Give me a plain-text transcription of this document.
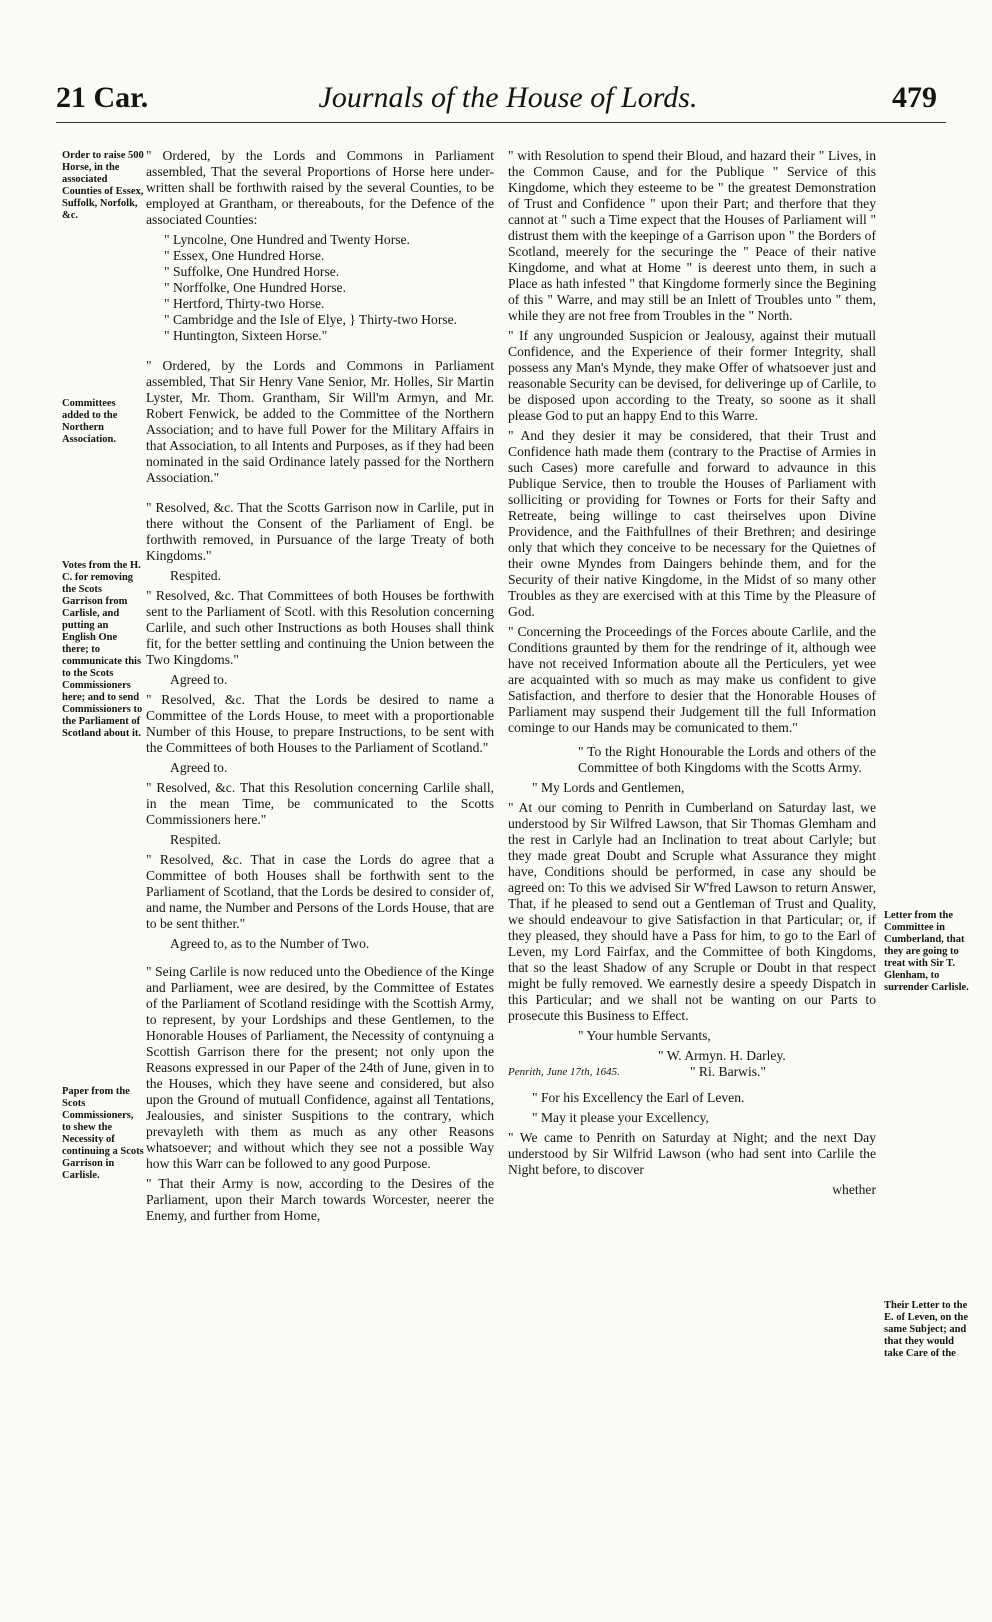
21 Car.	Journals of the House of Lords.	479
Order to raise 500 Horse, in the associated Counties of Essex, Suffolk, Norfolk, &c.
Committees added to the Northern Association.
Votes from the H. C. for removing the Scots Garrison from Carlisle, and putting an English One there; to communicate this to the Scots Commissioners here; and to send Commissioners to the Parliament of Scotland about it.
Paper from the Scots Commissioners, to shew the Necessity of continuing a Scots Garrison in Carlisle.
Letter from the Committee in Cumberland, that they are going to treat with Sir T. Glenham, to surrender Carlisle.
Their Letter to the E. of Leven, on the same Subject; and that they would take Care of the

" Ordered, by the Lords and Commons in Parliament assembled, That the several Proportions of Horse here under-written shall be forthwith raised by the several Counties, to be employed at Grantham, or thereabouts, for the Defence of the associated Counties:

" Lyncolne, One Hundred and Twenty Horse.

" Essex, One Hundred Horse.

" Suffolke, One Hundred Horse.

" Norffolke, One Hundred Horse.

" Hertford, Thirty-two Horse.

" Cambridge and the Isle of Elye, } Thirty-two Horse.

" Huntington, Sixteen Horse."

" Ordered, by the Lords and Commons in Parliament assembled, That Sir Henry Vane Senior, Mr. Holles, Sir Martin Lyster, Mr. Thom. Grantham, Sir Will'm Armyn, and Mr. Robert Fenwick, be added to the Committee of the Northern Association; and to have full Power for the Military Affairs in that Association, to all Intents and Purposes, as if they had been nominated in the said Ordinance lately passed for the Northern Association."

" Resolved, &c. That the Scotts Garrison now in Carlile, put in there without the Consent of the Parliament of Engl. be forthwith removed, in Pursuance of the large Treaty of both Kingdoms."

Respited.

" Resolved, &c. That Committees of both Houses be forthwith sent to the Parliament of Scotl. with this Resolution concerning Carlile, and such other Instructions as both Houses shall think fit, for the better settling and continuing the Union between the Two Kingdoms."

Agreed to.

" Resolved, &c. That the Lords be desired to name a Committee of the Lords House, to meet with a proportionable Number of this House, to prepare Instructions, to be sent with the Committees of both Houses to the Parliament of Scotland."

Agreed to.

" Resolved, &c. That this Resolution concerning Carlile shall, in the mean Time, be communicated to the Scotts Commissioners here."

Respited.

" Resolved, &c. That in case the Lords do agree that a Committee of both Houses shall be forthwith sent to the Parliament of Scotland, that the Lords be desired to consider of, and name, the Number and Persons of the Lords House, that are to be sent thither."

Agreed to, as to the Number of Two.

" Seing Carlile is now reduced unto the Obedience of the Kinge and Parliament, wee are desired, by the Committee of Estates of the Parliament of Scotland residinge with the Scottish Army, to represent, by your Lordships and these Gentlemen, to the Honorable Houses of Parliament, the Necessity of contynuing a Scottish Garrison there for the present; not only upon the Reasons expressed in our Paper of the 24th of June, given in to the Houses, which they have seene and considered, but also upon the Ground of mutuall Confidence, against all Tentations, Jealousies, and sinister Suspitions to the contrary, which prevayleth with them as much as any other Reasons whatsoever; and without which they see not a possible Way how this Warr can be followed to any good Purpose.

" That their Army is now, according to the Desires of the Parliament, upon their March towards Worcester, neerer the Enemy, and further from Home,

" with Resolution to spend their Bloud, and hazard their " Lives, in the Common Cause, and for the Publique " Service of this Kingdome, which they esteeme to be " the greatest Demonstration of Trust and Confidence " upon their Part; and therfore that they cannot at " such a Time expect that the Houses of Parliament will " distrust them with the keepinge of a Garrison upon " the Borders of Scotland, meerely for the securinge the " Peace of their native Kingdome, and what at Home " is deerest unto them, in such a Place as hath infested " that Kingdome formerly since the Begining of this " Warre, and may still be an Inlett of Troubles unto " them, while they are not free from Troubles in the " North.

" If any ungrounded Suspicion or Jealousy, against their mutuall Confidence, and the Experience of their former Integrity, shall possess any Man's Mynde, they make Offer of whatsoever just and reasonable Security can be devised, for deliveringe up of Carlile, to be disposed upon according to the Treaty, so soone as it shall please God to put an happy End to this Warre.

" And they desier it may be considered, that their Trust and Confidence hath made them (contrary to the Practise of Armies in such Cases) more carefulle and forward to advaunce in this Publique Service, then to trouble the Houses of Parliament with solliciting or providing for Townes or Forts for their Safty and Retreate, being willinge to cast theirselves upon Divine Providence, and the Faithfullnes of their Brethren; and desiringe only that which they conceive to be necessary for the Quietnes of their owne Myndes from Daingers behinde them, and for the Security of their native Kingdome, in the Midst of so many other Troubles as they are exercised with at this Time by the Pleasure of God.

" Concerning the Proceedings of the Forces aboute Carlile, and the Conditions graunted by them for the rendringe of it, although wee have not received Information aboute all the Perticulers, yet wee are acquainted with so much as may make us confident to give Satisfaction, and therfore to desier that the Honorable Houses of Parliament may suspend their Judgement till the full Information cominge to our Hands may be comunicated to them."

" To the Right Honourable the Lords and others of the Committee of both Kingdoms with the Scotts Army.

" My Lords and Gentlemen,

" At our coming to Penrith in Cumberland on Saturday last, we understood by Sir Wilfred Lawson, that Sir Thomas Glemham and the rest in Carlyle had an Inclination to treat about Carlyle; but they made great Doubt and Scruple what Assurance they might have, Conditions should be performed, in case any should be agreed on: To this we advised Sir W'fred Lawson to return Answer, That, if he pleased to send out a Gentleman of Trust and Quality, we should endeavour to give Satisfaction in that Particular; or, if they pleased, they should have a Pass for him, to go to the Earl of Leven, my Lord Fairfax, and the Committee of both Kingdoms, that so the least Shadow of any Scruple or Doubt in that respect might be fully removed. We earnestly desire a speedy Dispatch in this Particular; and we shall not be wanting on our Parts to prosecute this Business to Effect.

" Your humble Servants,

" W. Armyn. H. Darley.

Penrith, June 17th, 1645.	" Ri. Barwis."

" For his Excellency the Earl of Leven.

" May it please your Excellency,

" We came to Penrith on Saturday at Night; and the next Day understood by Sir Wilfrid Lawson (who had sent into Carlile the Night before, to discover

whether
